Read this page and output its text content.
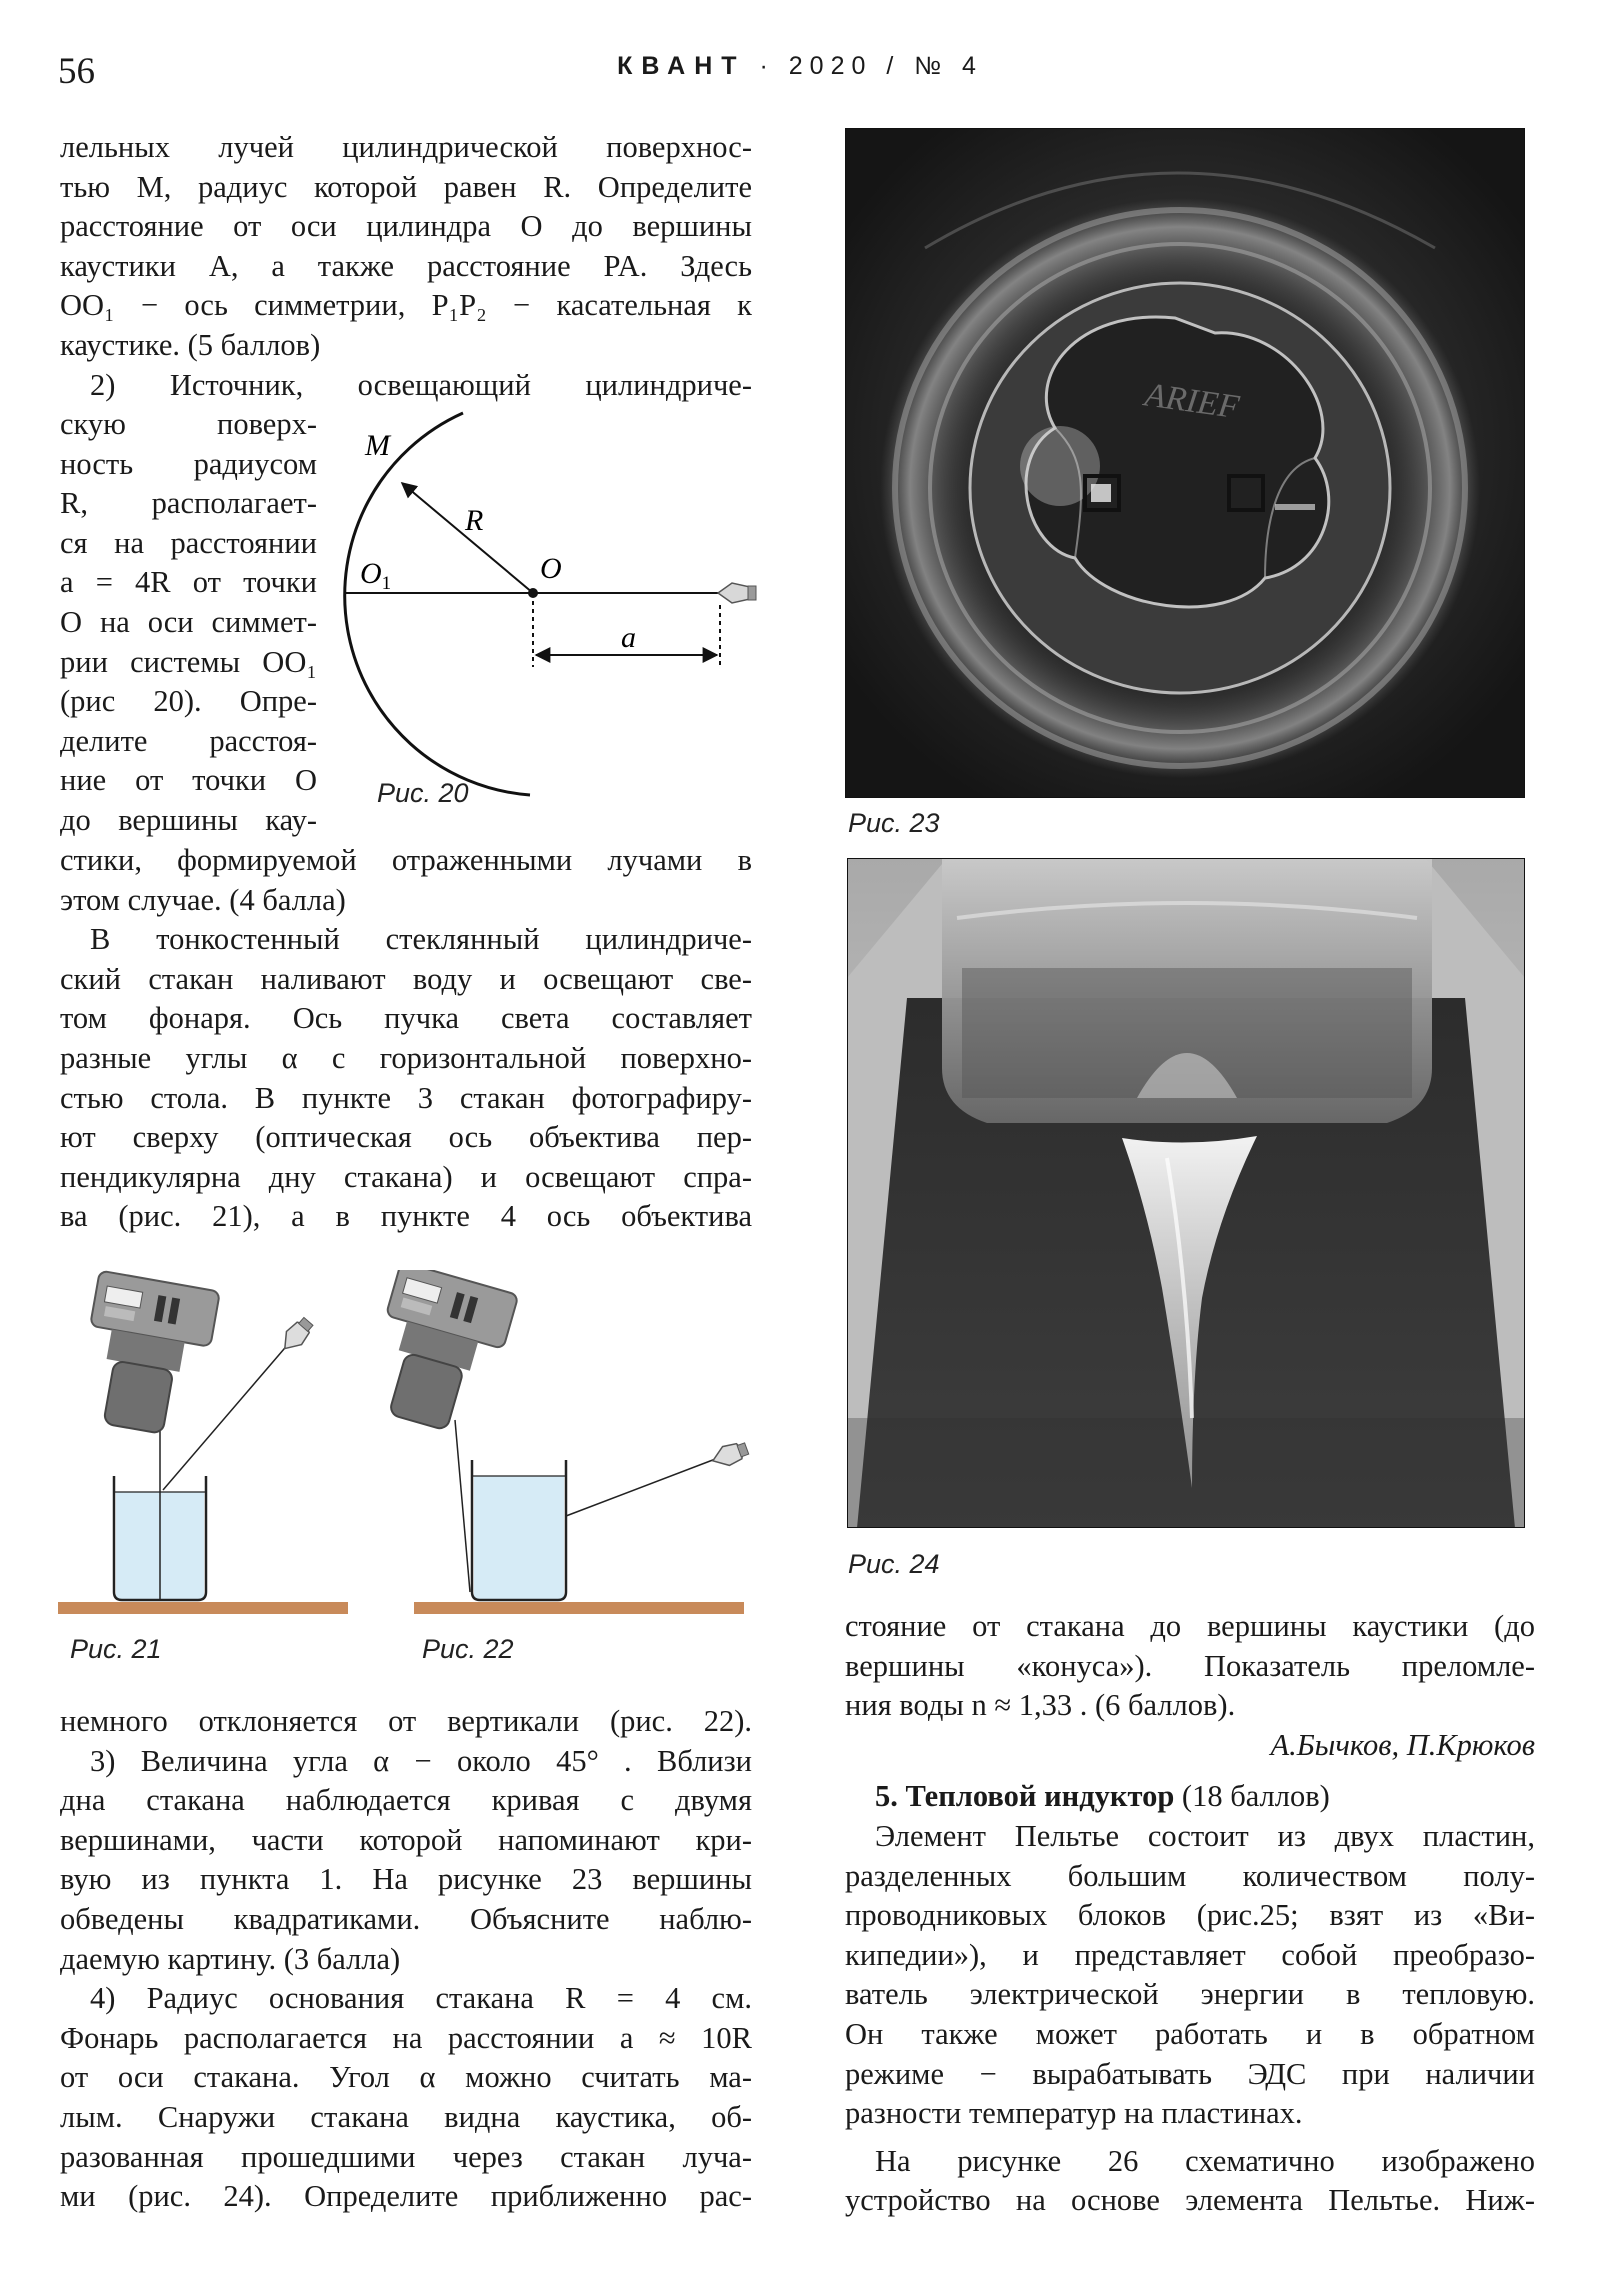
56	КВАНТ · 2020 / № 4

лельных лучей цилиндрической поверхнос-

тью M, радиус которой равен R. Определите

расстояние от оси цилиндра O до вершины

каустики A, а также расстояние PA. Здесь

OO₁ − ось симметрии, P₁P₂ − касательная к

каустике. (5 баллов)

2) Источник, освещающий цилиндриче-

скую поверх-

ность радиусом

R, располагает-

ся на расстоянии

a = 4R от точки

O на оси симмет-

рии системы OO₁

(рис 20). Опре-

делите расстоя-

ние от точки O

до вершины кау-

M
R
$O_1$	O
a
Рис. 20

стики, формируемой отраженными лучами в

этом случае. (4 балла)

В тонкостенный стеклянный цилиндриче-

ский стакан наливают воду и освещают све-

том фонаря. Ось пучка света составляет

разные углы α с горизонтальной поверхно-

стью стола. В пункте 3 стакан фотографиру-

ют сверху (оптическая ось объектива пер-

пендикулярна дну стакана) и освещают спра-

ва (рис. 21), а в пункте 4 ось объектива

Рис. 21	Рис. 22

немного отклоняется от вертикали (рис. 22).

3) Величина угла α − около 45° . Вблизи

дна стакана наблюдается кривая с двумя

вершинами, части которой напоминают кри-

вую из пункта 1. На рисунке 23 вершины

обведены квадратиками. Объясните наблю-

даемую картину. (3 балла)

4) Радиус основания стакана R = 4 см.

Фонарь располагается на расстоянии a ≈ 10R

от оси стакана. Угол α можно считать ма-

лым. Снаружи стакана видна каустика, об-

разованная прошедшими через стакан луча-

ми (рис. 24). Определите приближенно рас-

ARIEF
Рис. 23
Рис. 24

стояние от стакана до вершины каустики (до

вершины «конуса»). Показатель преломле-

ния воды n ≈ 1,33 . (6 баллов).

А.Бычков, П.Крюков

5. Тепловой индуктор (18 баллов)

Элемент Пельтье состоит из двух пластин,

разделенных большим количеством полу-

проводниковых блоков (рис.25; взят из «Ви-

кипедии»), и представляет собой преобразо-

ватель электрической энергии в тепловую.

Он также может работать и в обратном

режиме − вырабатывать ЭДС при наличии

разности температур на пластинах.

На рисунке 26 схематично изображено

устройство на основе элемента Пельтье. Ниж-
